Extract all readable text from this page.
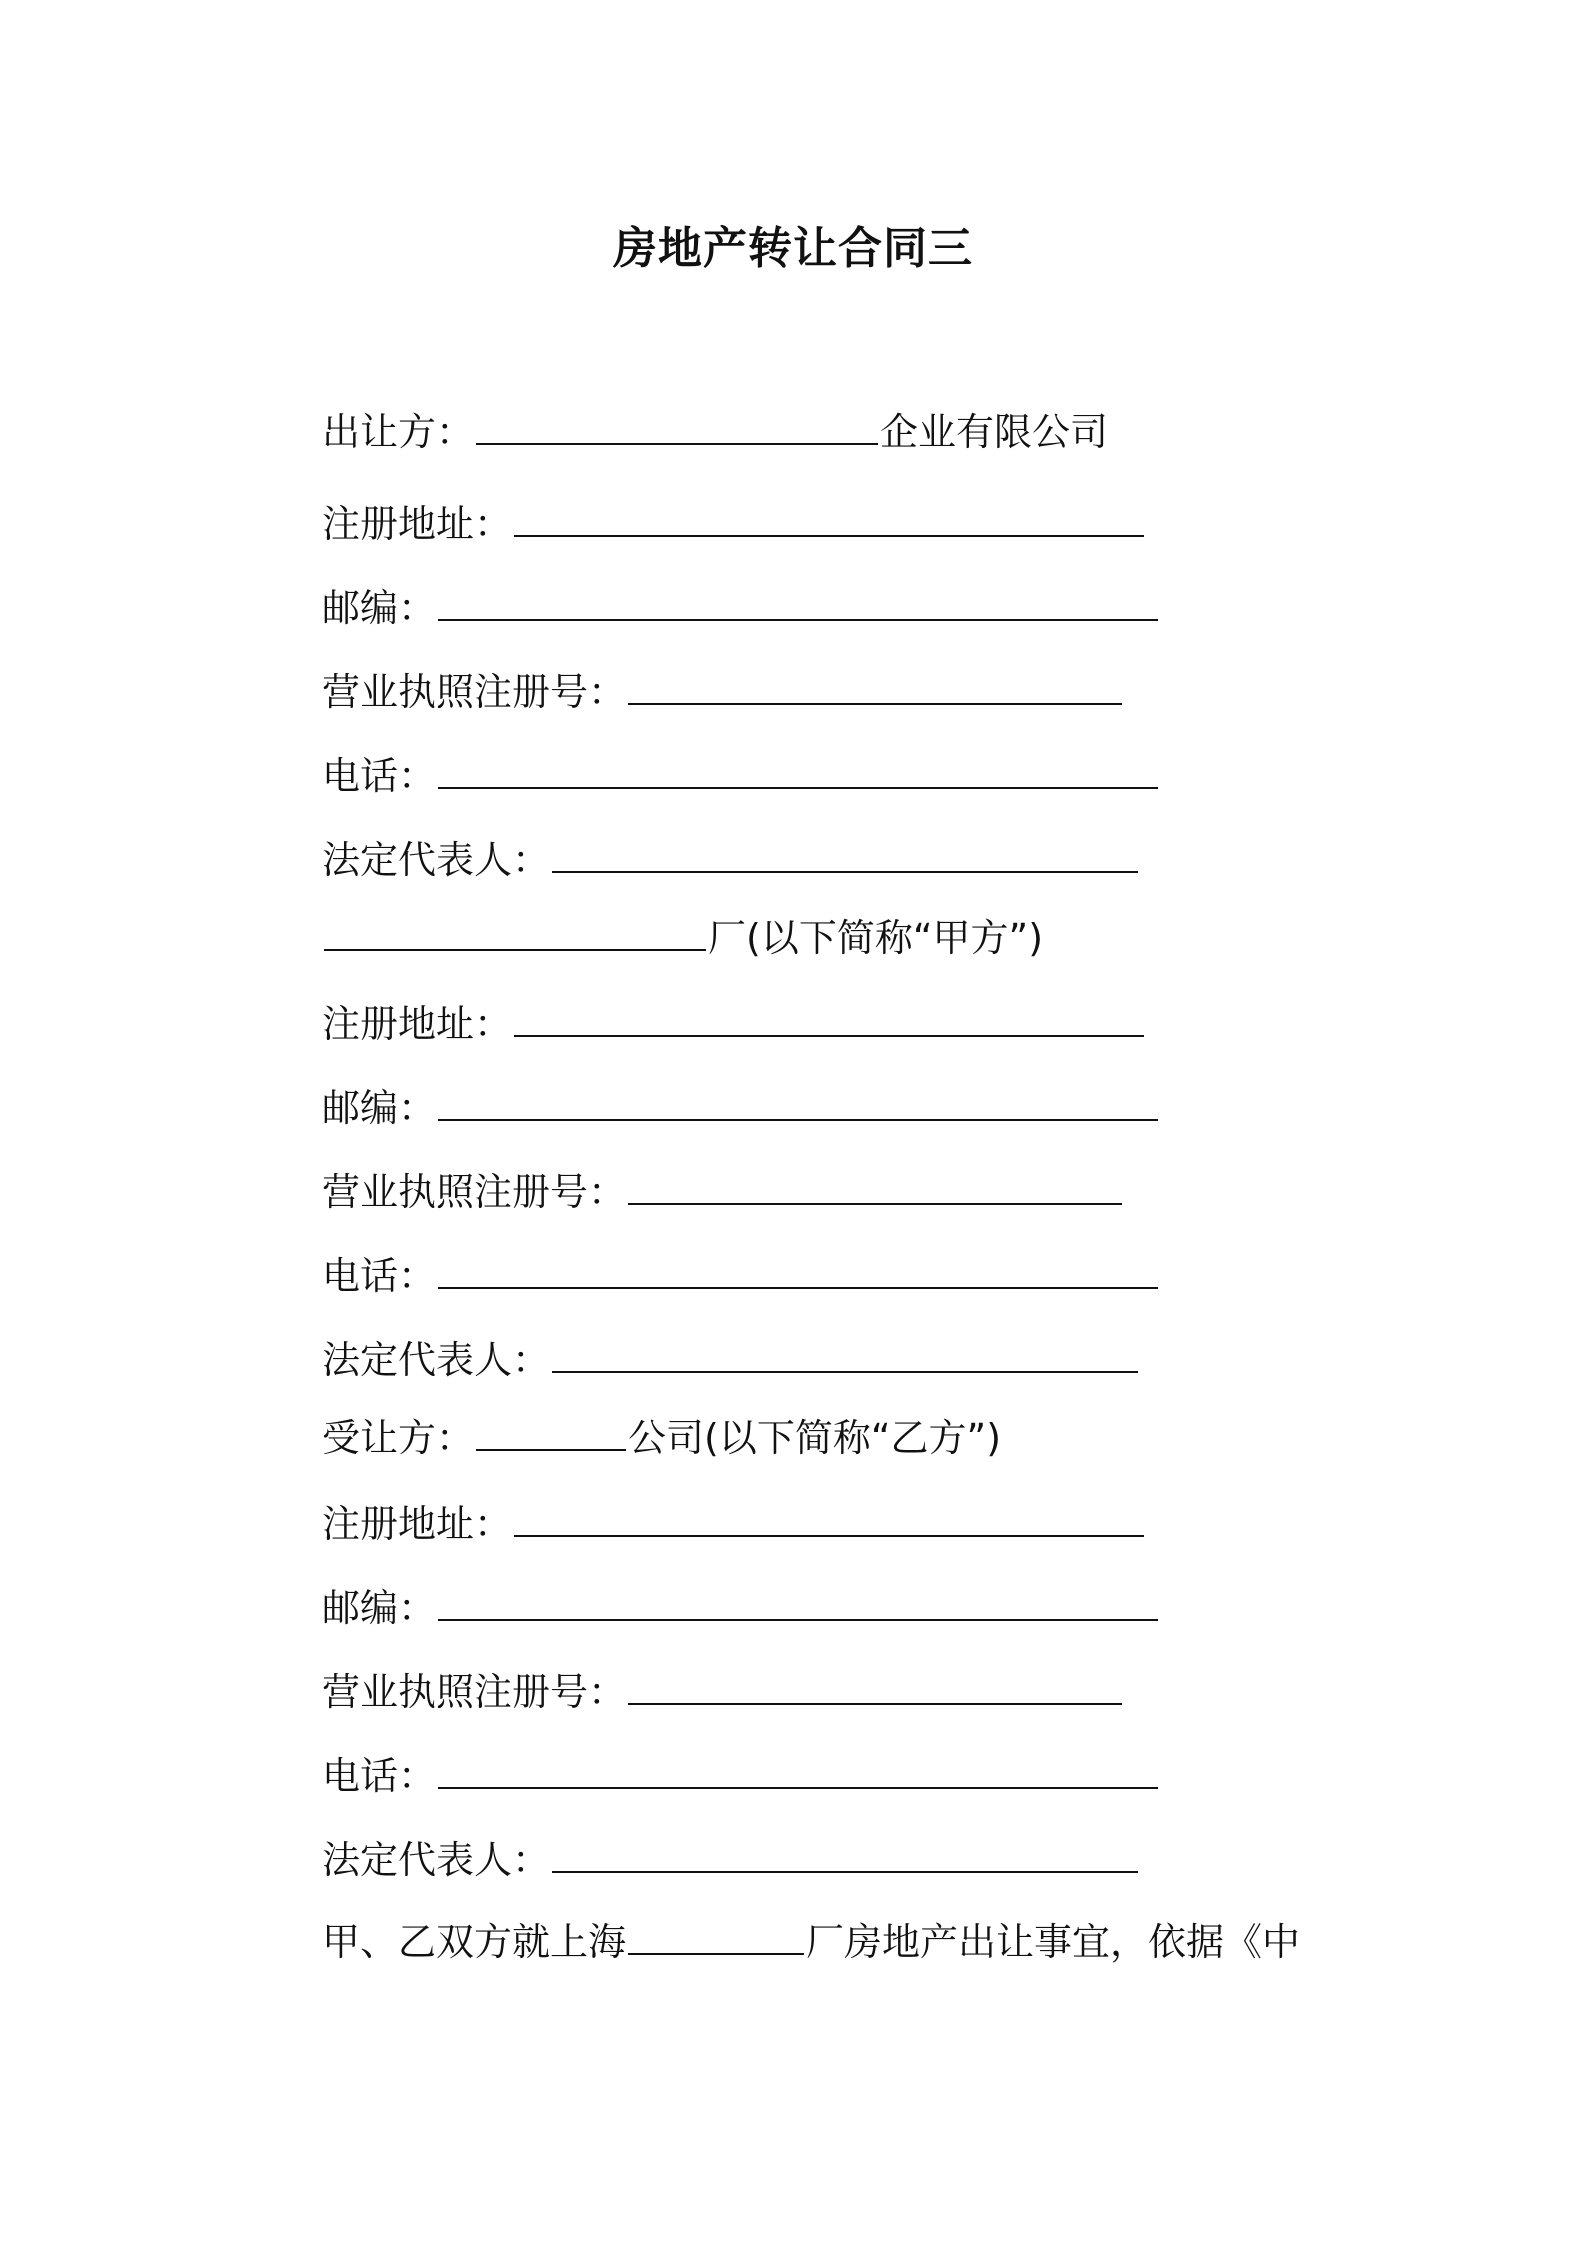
房地产转让合同三
出让方：	企业有限公司
注册地址：
邮编：
营业执照注册号：
电话：
法定代表人：
厂(以下简称“甲方”)
注册地址：
邮编：
营业执照注册号：
电话：
法定代表人：
受让方：	公司(以下简称“乙方”)
注册地址：
邮编：
营业执照注册号：
电话：
法定代表人：
甲、乙双方就上海	厂房地产出让事宜，依据《中
